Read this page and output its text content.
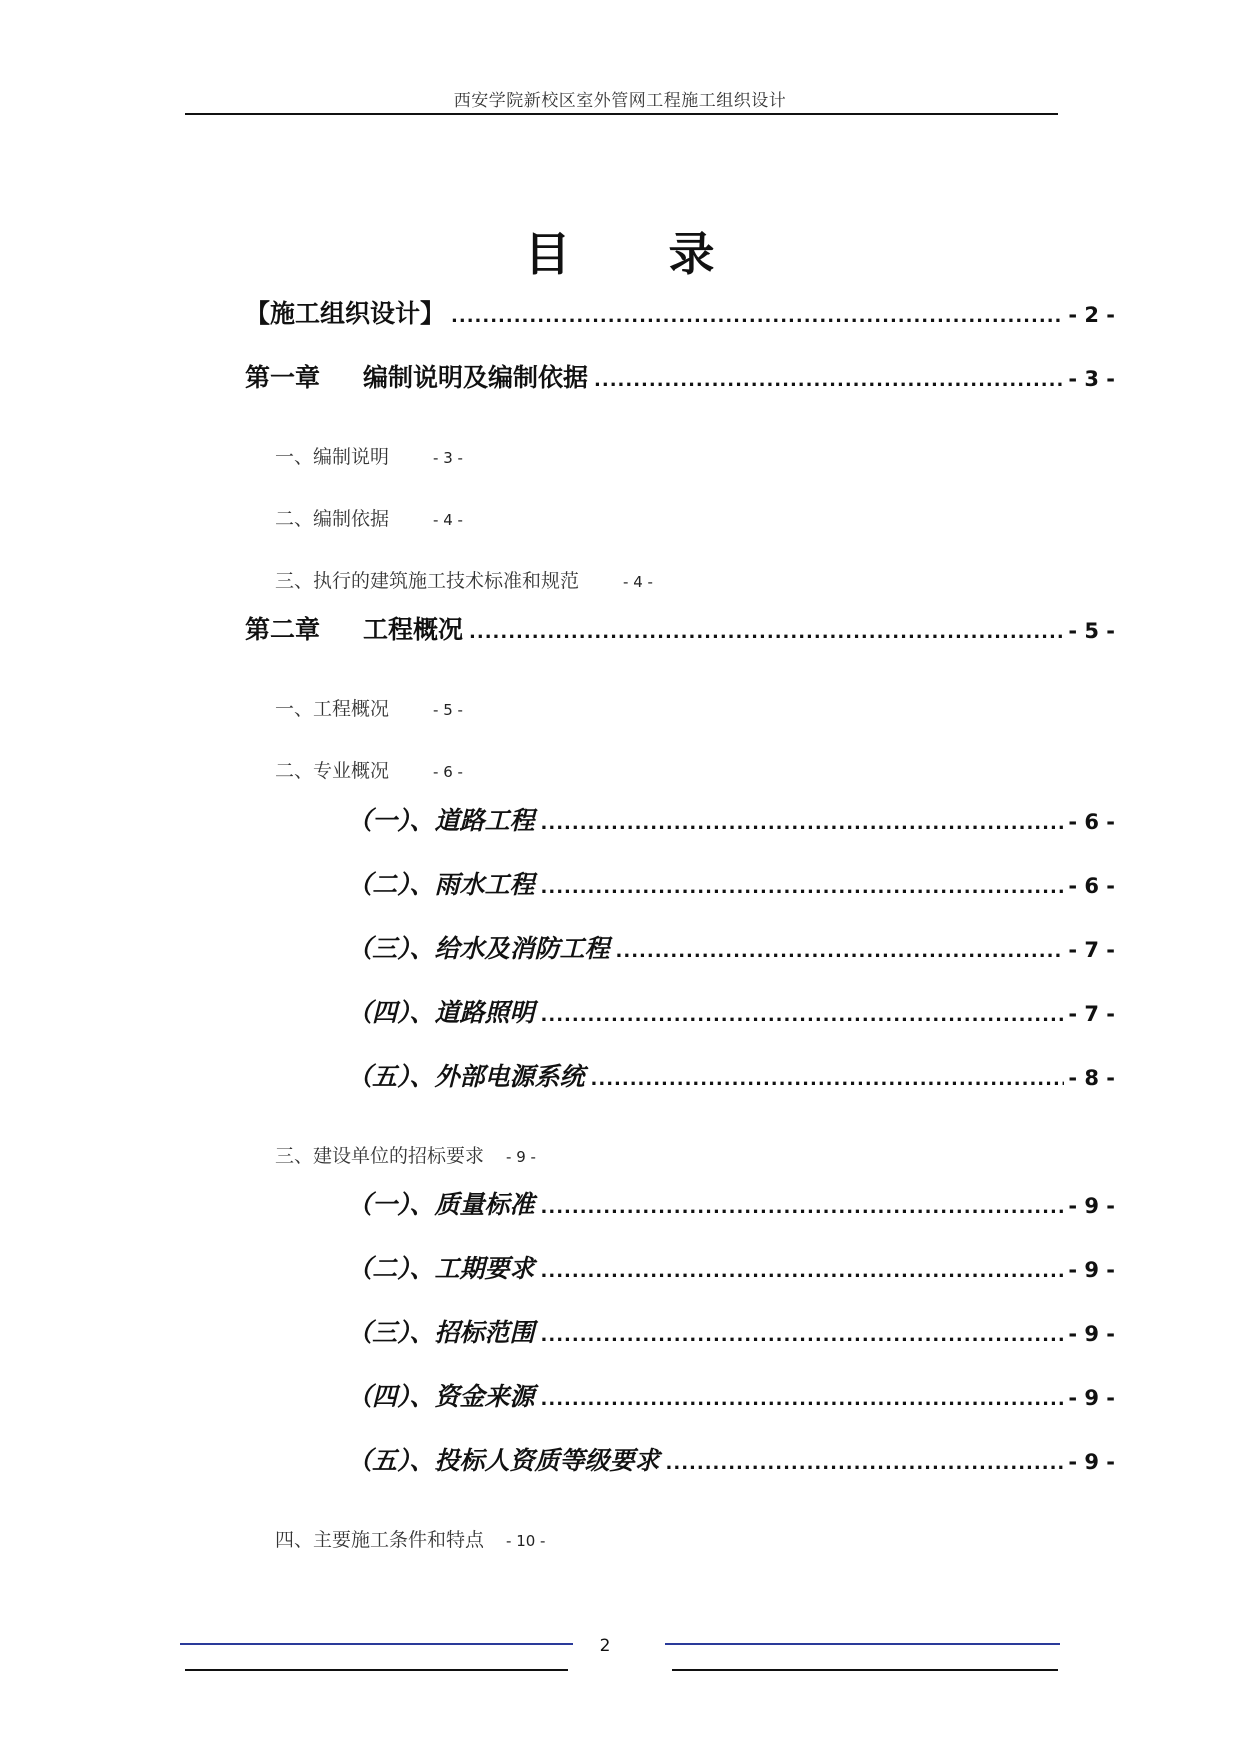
西安学院新校区室外管网工程施工组织设计
目 录
【施工组织设计】 .....	- 2 -
第一章	编制说明及编制依据 .....	- 3 -
一、编制说明	- 3 -
二、编制依据	- 4 -
三、执行的建筑施工技术标准和规范	- 4 -
第二章	工程概况 .....	- 5 -
一、工程概况	- 5 -
二、专业概况	- 6 -
（一）、道路工程 .....	- 6 -
（二）、雨水工程 .....	- 6 -
（三）、给水及消防工程 .....	- 7 -
（四）、道路照明 .....	- 7 -
（五）、外部电源系统 .....	- 8 -
三、建设单位的招标要求 - 9 -
（一）、质量标准 .....	- 9 -
（二）、工期要求 .....	- 9 -
（三）、招标范围 .....	- 9 -
（四）、资金来源 .....	- 9 -
（五）、投标人资质等级要求 .....	- 9 -
四、主要施工条件和特点 - 10 -
2
